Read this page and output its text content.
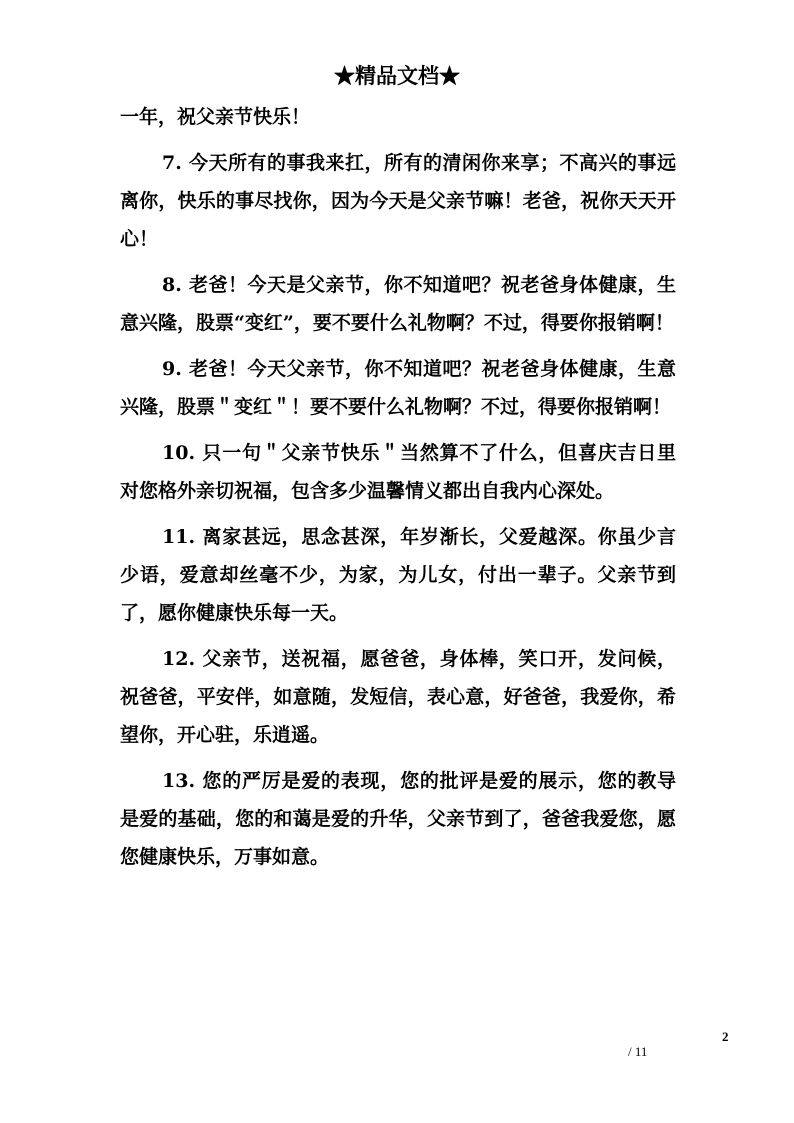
★精品文档★

一年，祝父亲节快乐！

7. 今天所有的事我来扛，所有的清闲你来享；不高兴的事远离你，快乐的事尽找你，因为今天是父亲节嘛！老爸，祝你天天开心！

8. 老爸！今天是父亲节，你不知道吧？祝老爸身体健康，生意兴隆，股票“变红”，要不要什么礼物啊？不过，得要你报销啊！

9. 老爸！今天父亲节，你不知道吧？祝老爸身体健康，生意兴隆，股票＂变红＂！要不要什么礼物啊？不过，得要你报销啊！

10. 只一句＂父亲节快乐＂当然算不了什么，但喜庆吉日里对您格外亲切祝福，包含多少温馨情义都出自我内心深处。

11. 离家甚远，思念甚深，年岁渐长，父爱越深。你虽少言少语，爱意却丝毫不少，为家，为儿女，付出一辈子。父亲节到了，愿你健康快乐每一天。

12. 父亲节，送祝福，愿爸爸，身体棒，笑口开，发问候，祝爸爸，平安伴，如意随，发短信，表心意，好爸爸，我爱你，希望你，开心驻，乐逍遥。

13. 您的严厉是爱的表现，您的批评是爱的展示，您的教导是爱的基础，您的和蔼是爱的升华，父亲节到了，爸爸我爱您，愿您健康快乐，万事如意。

2
/ 11
